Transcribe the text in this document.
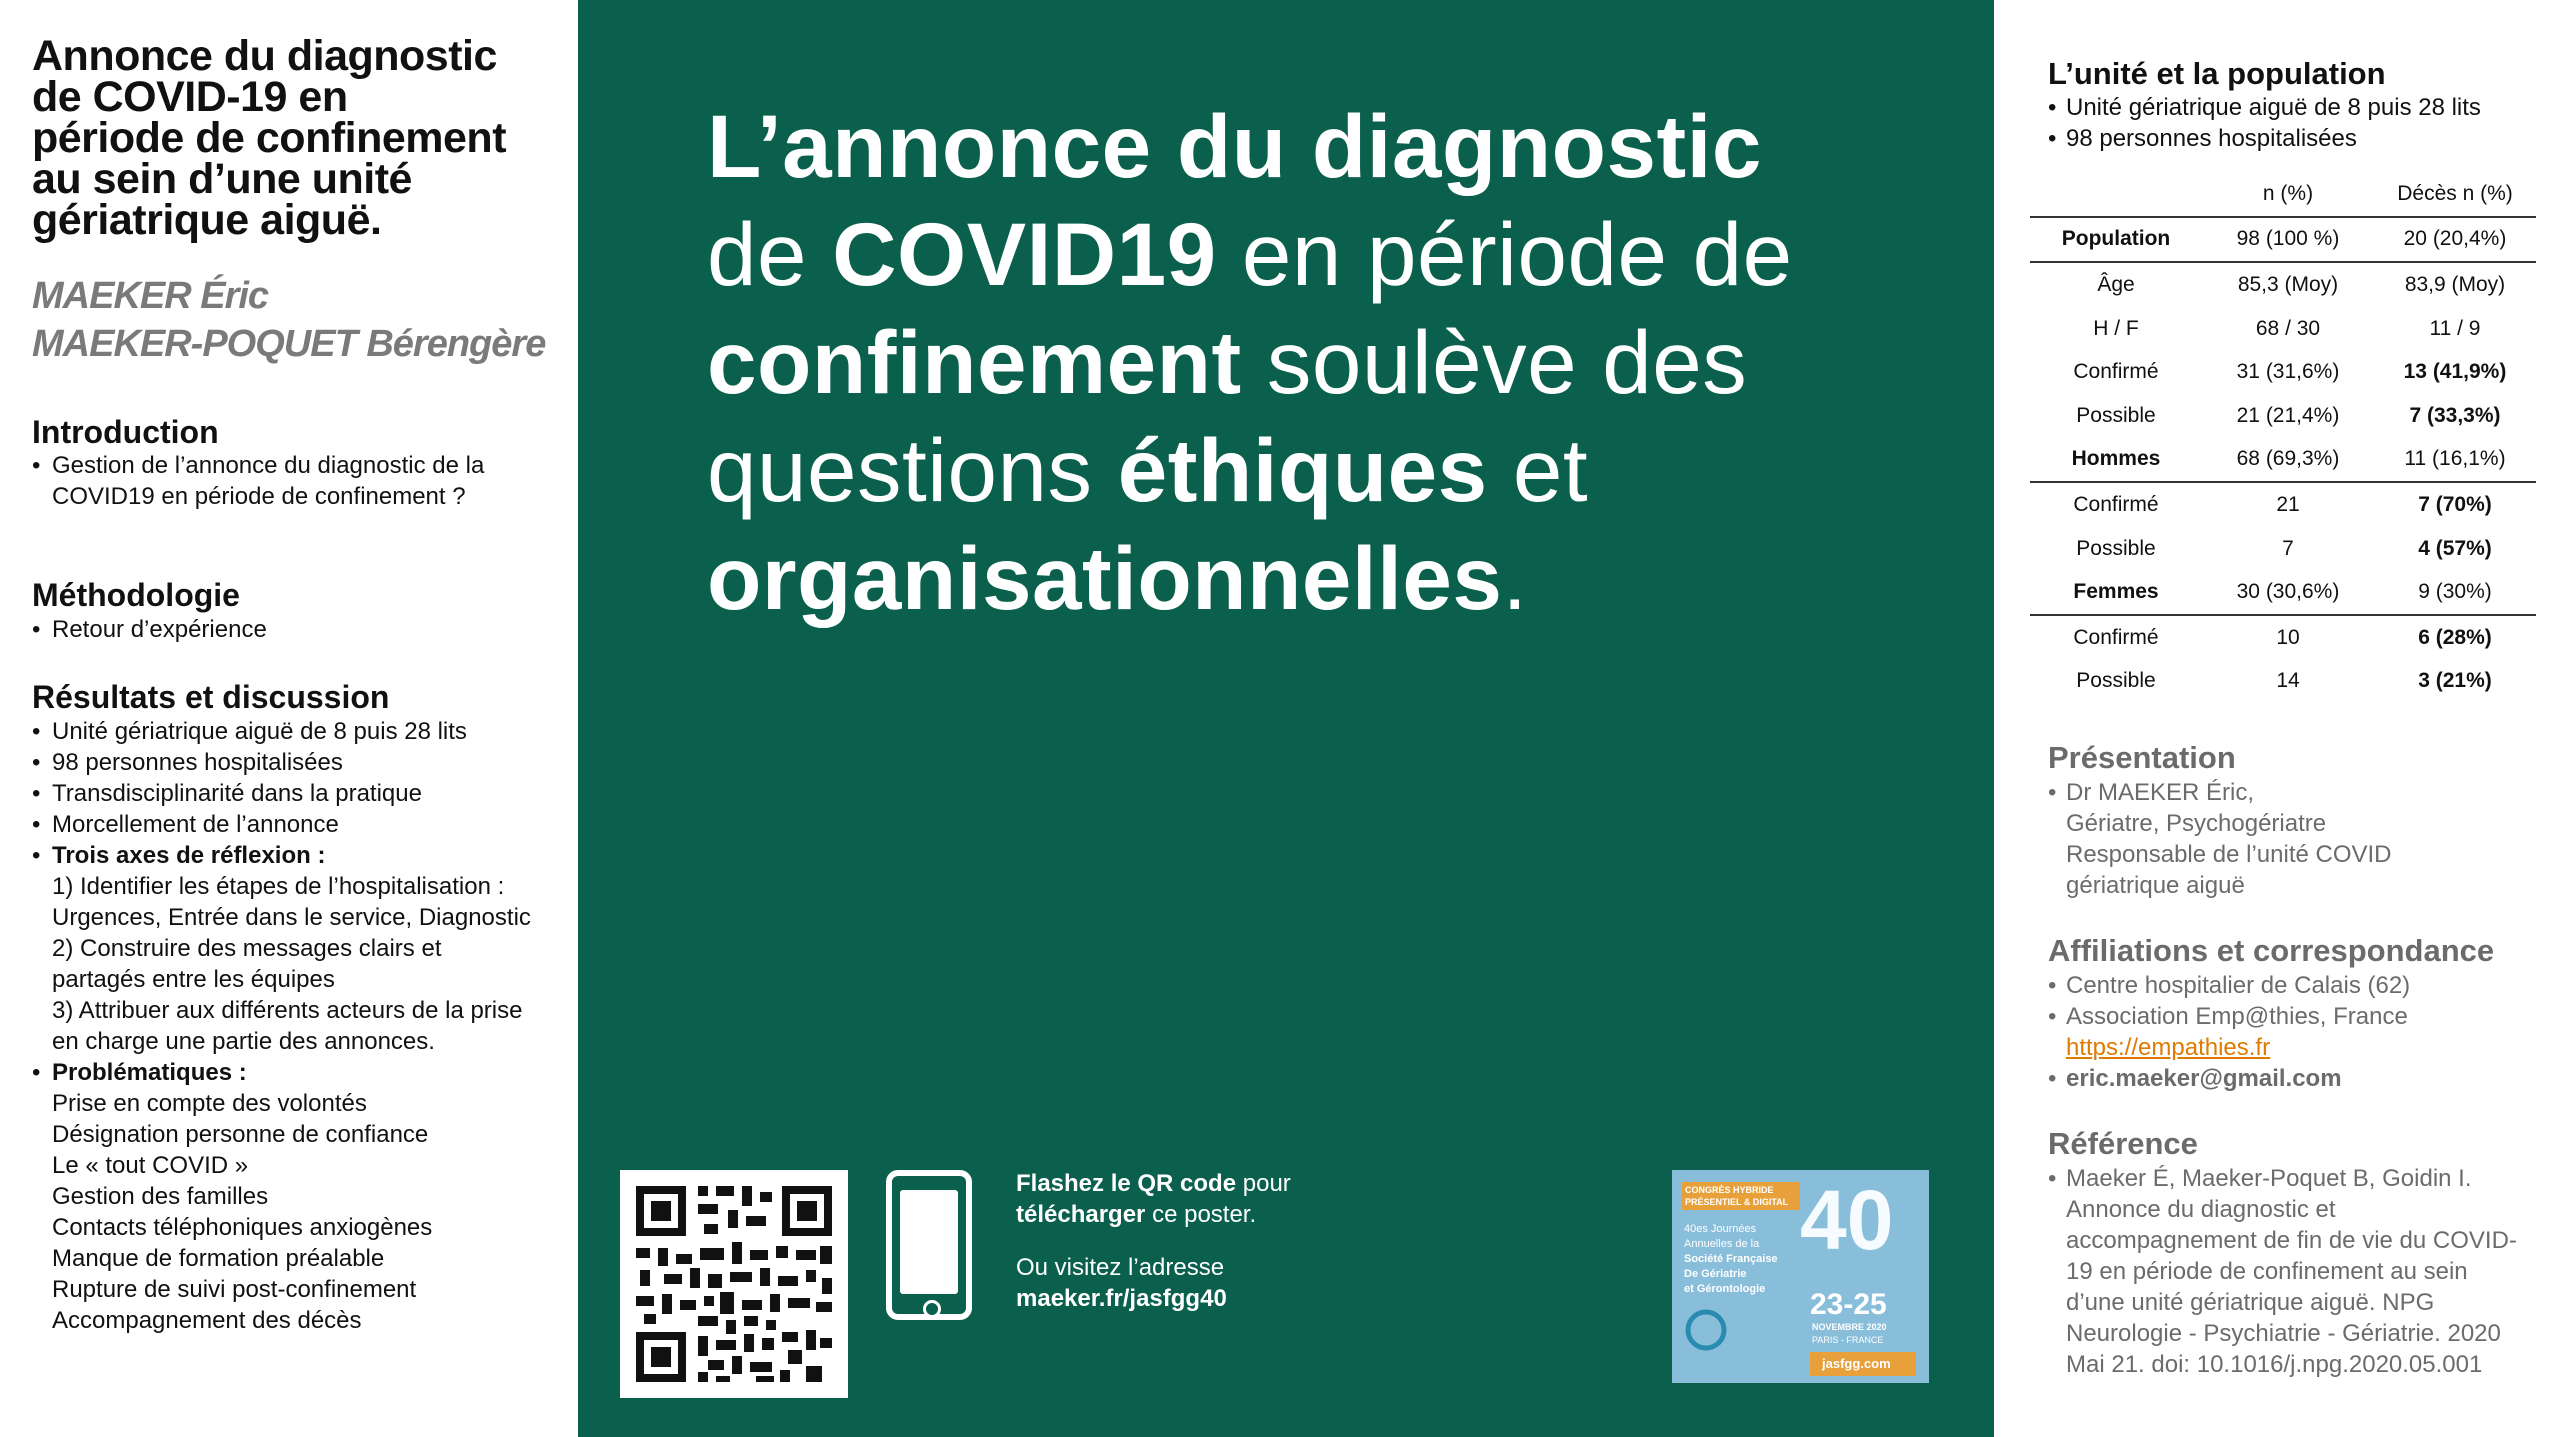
Annonce du diagnostic
de COVID-19 en
période de confinement
au sein d’une unité
gériatrique aiguë.
MAEKER Éric
MAEKER-POQUET Bérengère
Introduction
• Gestion de l’annonce du diagnostic de la COVID19 en période de confinement ?
Méthodologie
• Retour d’expérience
Résultats et discussion
• Unité gériatrique aiguë de 8 puis 28 lits
• 98 personnes hospitalisées
• Transdisciplinarité dans la pratique
• Morcellement de l’annonce
• Trois axes de réflexion :
1) Identifier les étapes de l’hospitalisation : Urgences, Entrée dans le service, Diagnostic
2) Construire des messages clairs et partagés entre les équipes
3) Attribuer aux différents acteurs de la prise en charge une partie des annonces.
• Problématiques :
Prise en compte des volontés
Désignation personne de confiance
Le « tout COVID »
Gestion des familles
Contacts téléphoniques anxiogènes
Manque de formation préalable
Rupture de suivi post-confinement
Accompagnement des décès
L’annonce du diagnostic
de COVID19 en période de
confinement soulève des
questions éthiques et
organisationnelles.

Flashez le QR code pour

télécharger ce poster.

Ou visitez l’adresse

maeker.fr/jasfgg40

CONGRÈS HYBRIDE
PRÉSENTIEL & DIGITAL 40
40es Journées
Annuelles de la
Société Française
De Gériatrie
et Gérontologie	23-25
NOVEMBRE 2020
PARIS - FRANCE
jasfgg.com
L’unité et la population
• Unité gériatrique aiguë de 8 puis 28 lits
• 98 personnes hospitalisées
n (%)	Décès n (%)
Population	98 (100 %)	20 (20,4%)
Âge	85,3 (Moy)	83,9 (Moy)
H / F	68 / 30	11 / 9
Confirmé	31 (31,6%)	13 (41,9%)
Possible	21 (21,4%)	7 (33,3%)
Hommes	68 (69,3%)	11 (16,1%)
Confirmé	21	7 (70%)
Possible	7	4 (57%)
Femmes	30 (30,6%)	9 (30%)
Confirmé	10	6 (28%)
Possible	14	3 (21%)
Présentation
• Dr MAEKER Éric,
Gériatre, Psychogériatre
Responsable de l’unité COVID
gériatrique aiguë
Affiliations et correspondance
• Centre hospitalier de Calais (62)
• Association Emp@thies, France
https://empathies.fr
• eric.maeker@gmail.com
Référence
• Maeker É, Maeker-Poquet B, Goidin I. Annonce du diagnostic et accompagnement de fin de vie du COVID-19 en période de confinement au sein d’une unité gériatrique aiguë. NPG Neurologie - Psychiatrie - Gériatrie. 2020 Mai 21. doi: 10.1016/j.npg.2020.05.001
